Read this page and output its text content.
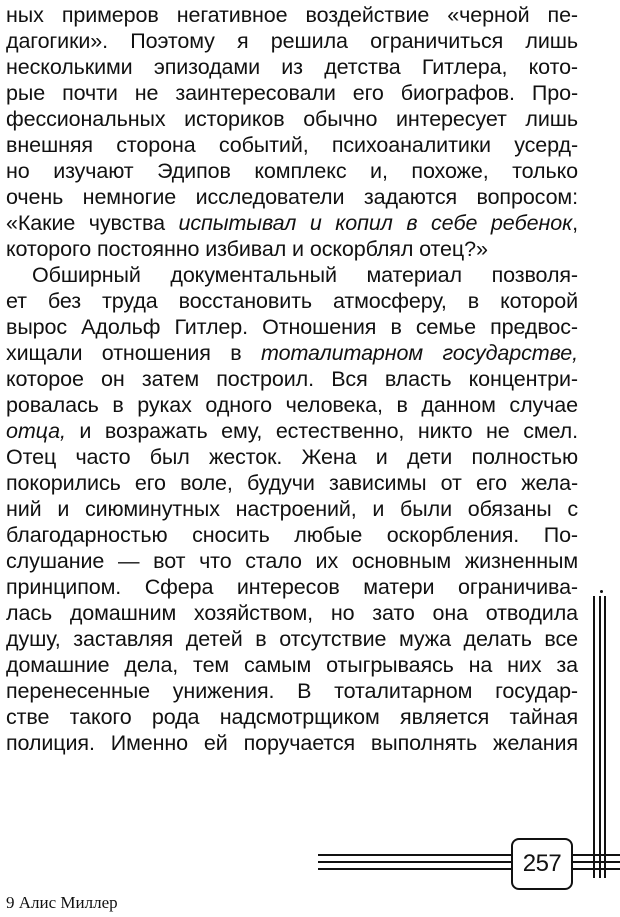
ных примеров негативное воздействие «черной пе-
дагогики». Поэтому я решила ограничиться лишь
несколькими эпизодами из детства Гитлера, кото-
рые почти не заинтересовали его биографов. Про-
фессиональных историков обычно интересует лишь
внешняя сторона событий, психоаналитики усерд-
но изучают Эдипов комплекс и, похоже, только
очень немногие исследователи задаются вопросом:
«Какие чувства испытывал и копил в себе ребенок,
которого постоянно избивал и оскорблял отец?»
Обширный документальный материал позволя-
ет без труда восстановить атмосферу, в которой
вырос Адольф Гитлер. Отношения в семье предвос-
хищали отношения в тоталитарном государстве,
которое он затем построил. Вся власть концентри-
ровалась в руках одного человека, в данном случае
отца, и возражать ему, естественно, никто не смел.
Отец часто был жесток. Жена и дети полностью
покорились его воле, будучи зависимы от его жела-
ний и сиюминутных настроений, и были обязаны с
благодарностью сносить любые оскорбления. По-
слушание — вот что стало их основным жизненным
принципом. Сфера интересов матери ограничива-
лась домашним хозяйством, но зато она отводила
душу, заставляя детей в отсутствие мужа делать все
домашние дела, тем самым отыгрываясь на них за
перенесенные унижения. В тоталитарном государ-
стве такого рода надсмотрщиком является тайная
полиция. Именно ей поручается выполнять желания
257
9 Алис Миллер
